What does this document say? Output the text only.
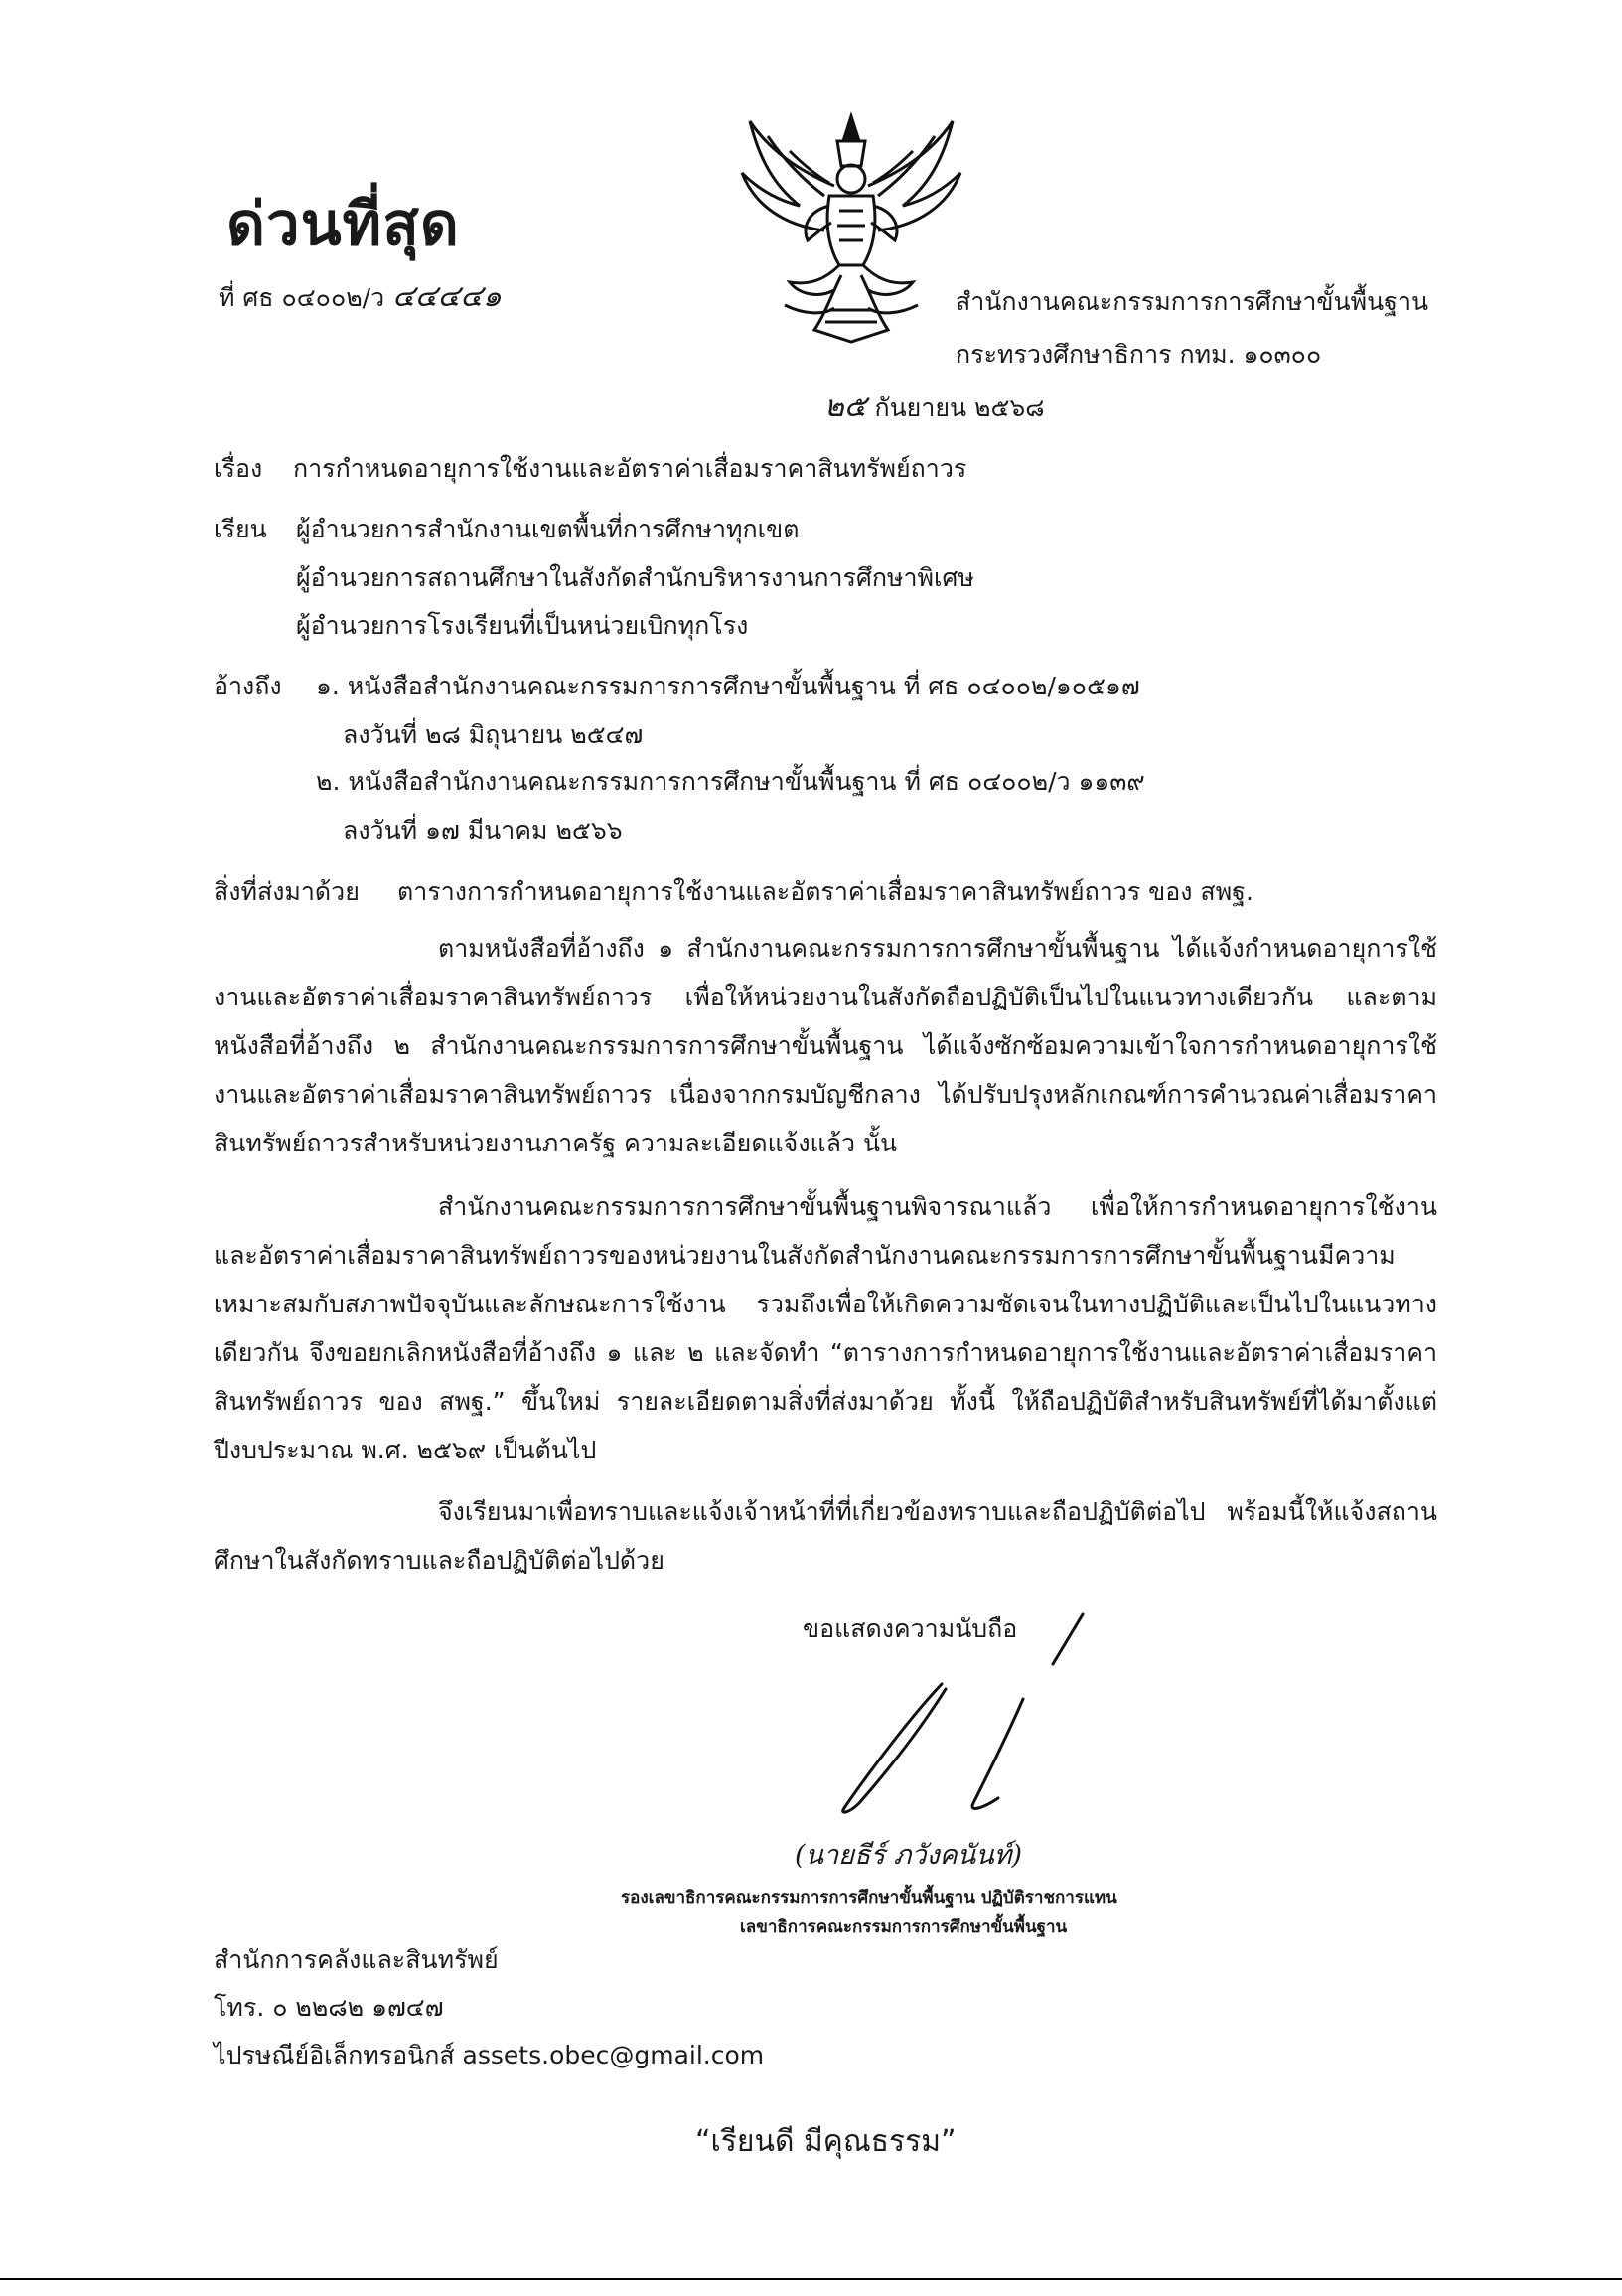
ด่วนที่สุด
ที่ ศธ ๐๔๐๐๒/ว ๔๔๔๔๑	สำนักงานคณะกรรมการการศึกษาขั้นพื้นฐาน
กระทรวงศึกษาธิการ กทม. ๑๐๓๐๐
๒๕ กันยายน ๒๕๖๘
เรื่อง การกำหนดอายุการใช้งานและอัตราค่าเสื่อมราคาสินทรัพย์ถาวร
เรียน ผู้อำนวยการสำนักงานเขตพื้นที่การศึกษาทุกเขต
ผู้อำนวยการสถานศึกษาในสังกัดสำนักบริหารงานการศึกษาพิเศษ
ผู้อำนวยการโรงเรียนที่เป็นหน่วยเบิกทุกโรง
อ้างถึง ๑. หนังสือสำนักงานคณะกรรมการการศึกษาขั้นพื้นฐาน ที่ ศธ ๐๔๐๐๒/๑๐๕๑๗
ลงวันที่ ๒๘ มิถุนายน ๒๕๔๗
๒. หนังสือสำนักงานคณะกรรมการการศึกษาขั้นพื้นฐาน ที่ ศธ ๐๔๐๐๒/ว ๑๑๓๙
ลงวันที่ ๑๗ มีนาคม ๒๕๖๖
สิ่งที่ส่งมาด้วย ตารางการกำหนดอายุการใช้งานและอัตราค่าเสื่อมราคาสินทรัพย์ถาวร ของ สพฐ.
ตามหนังสือที่อ้างถึง ๑ สำนักงานคณะกรรมการการศึกษาขั้นพื้นฐาน ได้แจ้งกำหนดอายุการใช้งานและอัตราค่าเสื่อมราคาสินทรัพย์ถาวร เพื่อให้หน่วยงานในสังกัดถือปฏิบัติเป็นไปในแนวทางเดียวกัน และตามหนังสือที่อ้างถึง ๒ สำนักงานคณะกรรมการการศึกษาขั้นพื้นฐาน ได้แจ้งซักซ้อมความเข้าใจการกำหนดอายุการใช้งานและอัตราค่าเสื่อมราคาสินทรัพย์ถาวร เนื่องจากกรมบัญชีกลาง ได้ปรับปรุงหลักเกณฑ์การคำนวณค่าเสื่อมราคาสินทรัพย์ถาวรสำหรับหน่วยงานภาครัฐ ความละเอียดแจ้งแล้ว นั้น
สำนักงานคณะกรรมการการศึกษาขั้นพื้นฐานพิจารณาแล้ว เพื่อให้การกำหนดอายุการใช้งานและอัตราค่าเสื่อมราคาสินทรัพย์ถาวรของหน่วยงานในสังกัดสำนักงานคณะกรรมการการศึกษาขั้นพื้นฐานมีความเหมาะสมกับสภาพปัจจุบันและลักษณะการใช้งาน รวมถึงเพื่อให้เกิดความชัดเจนในทางปฏิบัติและเป็นไปในแนวทางเดียวกัน จึงขอยกเลิกหนังสือที่อ้างถึง ๑ และ ๒ และจัดทำ “ตารางการกำหนดอายุการใช้งานและอัตราค่าเสื่อมราคาสินทรัพย์ถาวร ของ สพฐ.” ขึ้นใหม่ รายละเอียดตามสิ่งที่ส่งมาด้วย ทั้งนี้ ให้ถือปฏิบัติสำหรับสินทรัพย์ที่ได้มาตั้งแต่ปีงบประมาณ พ.ศ. ๒๕๖๙ เป็นต้นไป
จึงเรียนมาเพื่อทราบและแจ้งเจ้าหน้าที่ที่เกี่ยวข้องทราบและถือปฏิบัติต่อไป พร้อมนี้ให้แจ้งสถานศึกษาในสังกัดทราบและถือปฏิบัติต่อไปด้วย
ขอแสดงความนับถือ
(นายธีร์ ภวังคนันท์)
รองเลขาธิการคณะกรรมการการศึกษาขั้นพื้นฐาน ปฏิบัติราชการแทน
เลขาธิการคณะกรรมการการศึกษาขั้นพื้นฐาน
สำนักการคลังและสินทรัพย์
โทร. ๐ ๒๒๘๒ ๑๗๔๗
ไปรษณีย์อิเล็กทรอนิกส์ assets.obec@gmail.com
“เรียนดี มีคุณธรรม”
